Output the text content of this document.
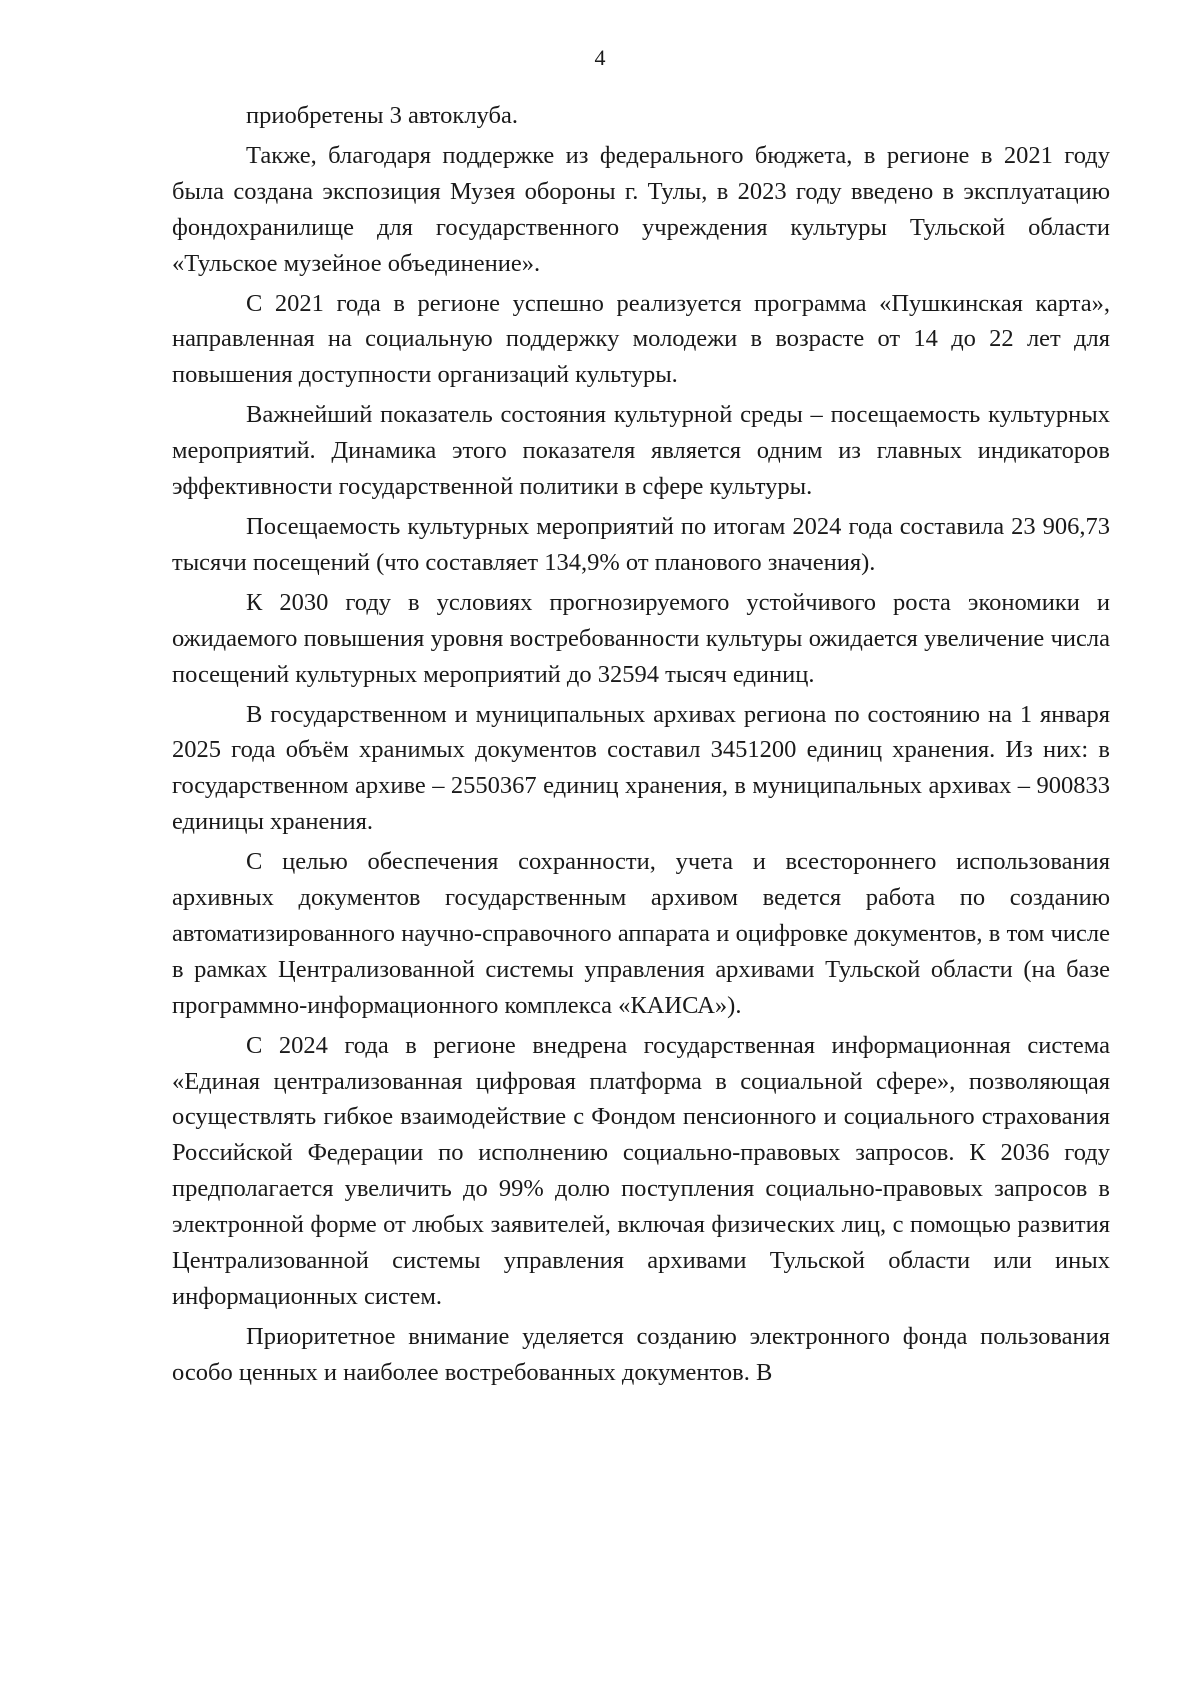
4

приобретены 3 автоклуба.

Также, благодаря поддержке из федерального бюджета, в регионе в 2021 году была создана экспозиция Музея обороны г. Тулы, в 2023 году введено в эксплуатацию фондохранилище для государственного учреждения культуры Тульской области «Тульское музейное объединение».

С 2021 года в регионе успешно реализуется программа «Пушкинская карта», направленная на социальную поддержку молодежи в возрасте от 14 до 22 лет для повышения доступности организаций культуры.

Важнейший показатель состояния культурной среды – посещаемость культурных мероприятий. Динамика этого показателя является одним из главных индикаторов эффективности государственной политики в сфере культуры.

Посещаемость культурных мероприятий по итогам 2024 года составила 23 906,73 тысячи посещений (что составляет 134,9% от планового значения).

К 2030 году в условиях прогнозируемого устойчивого роста экономики и ожидаемого повышения уровня востребованности культуры ожидается увеличение числа посещений культурных мероприятий до 32594 тысяч единиц.

В государственном и муниципальных архивах региона по состоянию на 1 января 2025 года объём хранимых документов составил 3451200 единиц хранения. Из них: в государственном архиве – 2550367 единиц хранения, в муниципальных архивах – 900833 единицы хранения.

С целью обеспечения сохранности, учета и всестороннего использования архивных документов государственным архивом ведется работа по созданию автоматизированного научно-справочного аппарата и оцифровке документов, в том числе в рамках Централизованной системы управления архивами Тульской области (на базе программно-информационного комплекса «КАИСА»).

С 2024 года в регионе внедрена государственная информационная система «Единая централизованная цифровая платформа в социальной сфере», позволяющая осуществлять гибкое взаимодействие с Фондом пенсионного и социального страхования Российской Федерации по исполнению социально-правовых запросов. К 2036 году предполагается увеличить до 99% долю поступления социально-правовых запросов в электронной форме от любых заявителей, включая физических лиц, с помощью развития Централизованной системы управления архивами Тульской области или иных информационных систем.

Приоритетное внимание уделяется созданию электронного фонда пользования особо ценных и наиболее востребованных документов. В
